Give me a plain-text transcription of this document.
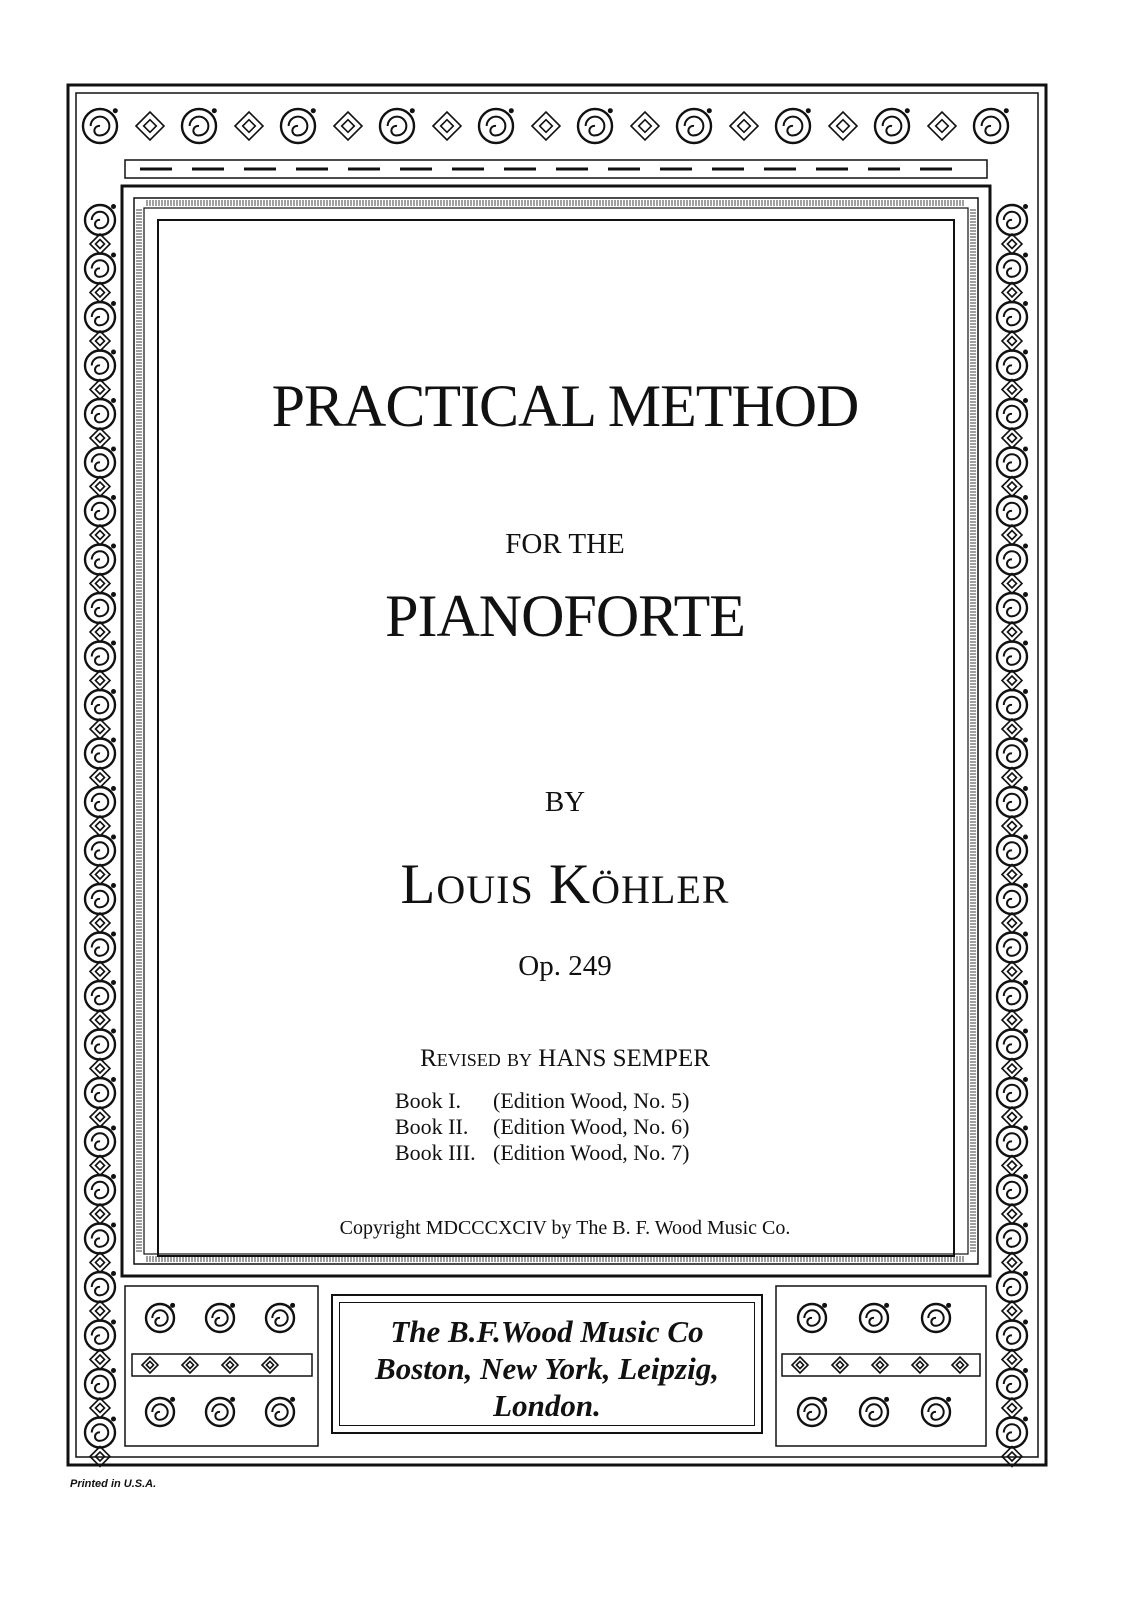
PRACTICAL METHOD
FOR THE
PIANOFORTE
BY
Louis Köhler
Op. 249
Revised by HANS SEMPER
Book I.	(Edition Wood, No. 5)
Book II.	(Edition Wood, No. 6)
Book III. (Edition Wood, No. 7)
Copyright MDCCCXCIV by The B. F. Wood Music Co.
The B.F.Wood Music Co
Boston, New York, Leipzig,
London.
Printed in U.S.A.
